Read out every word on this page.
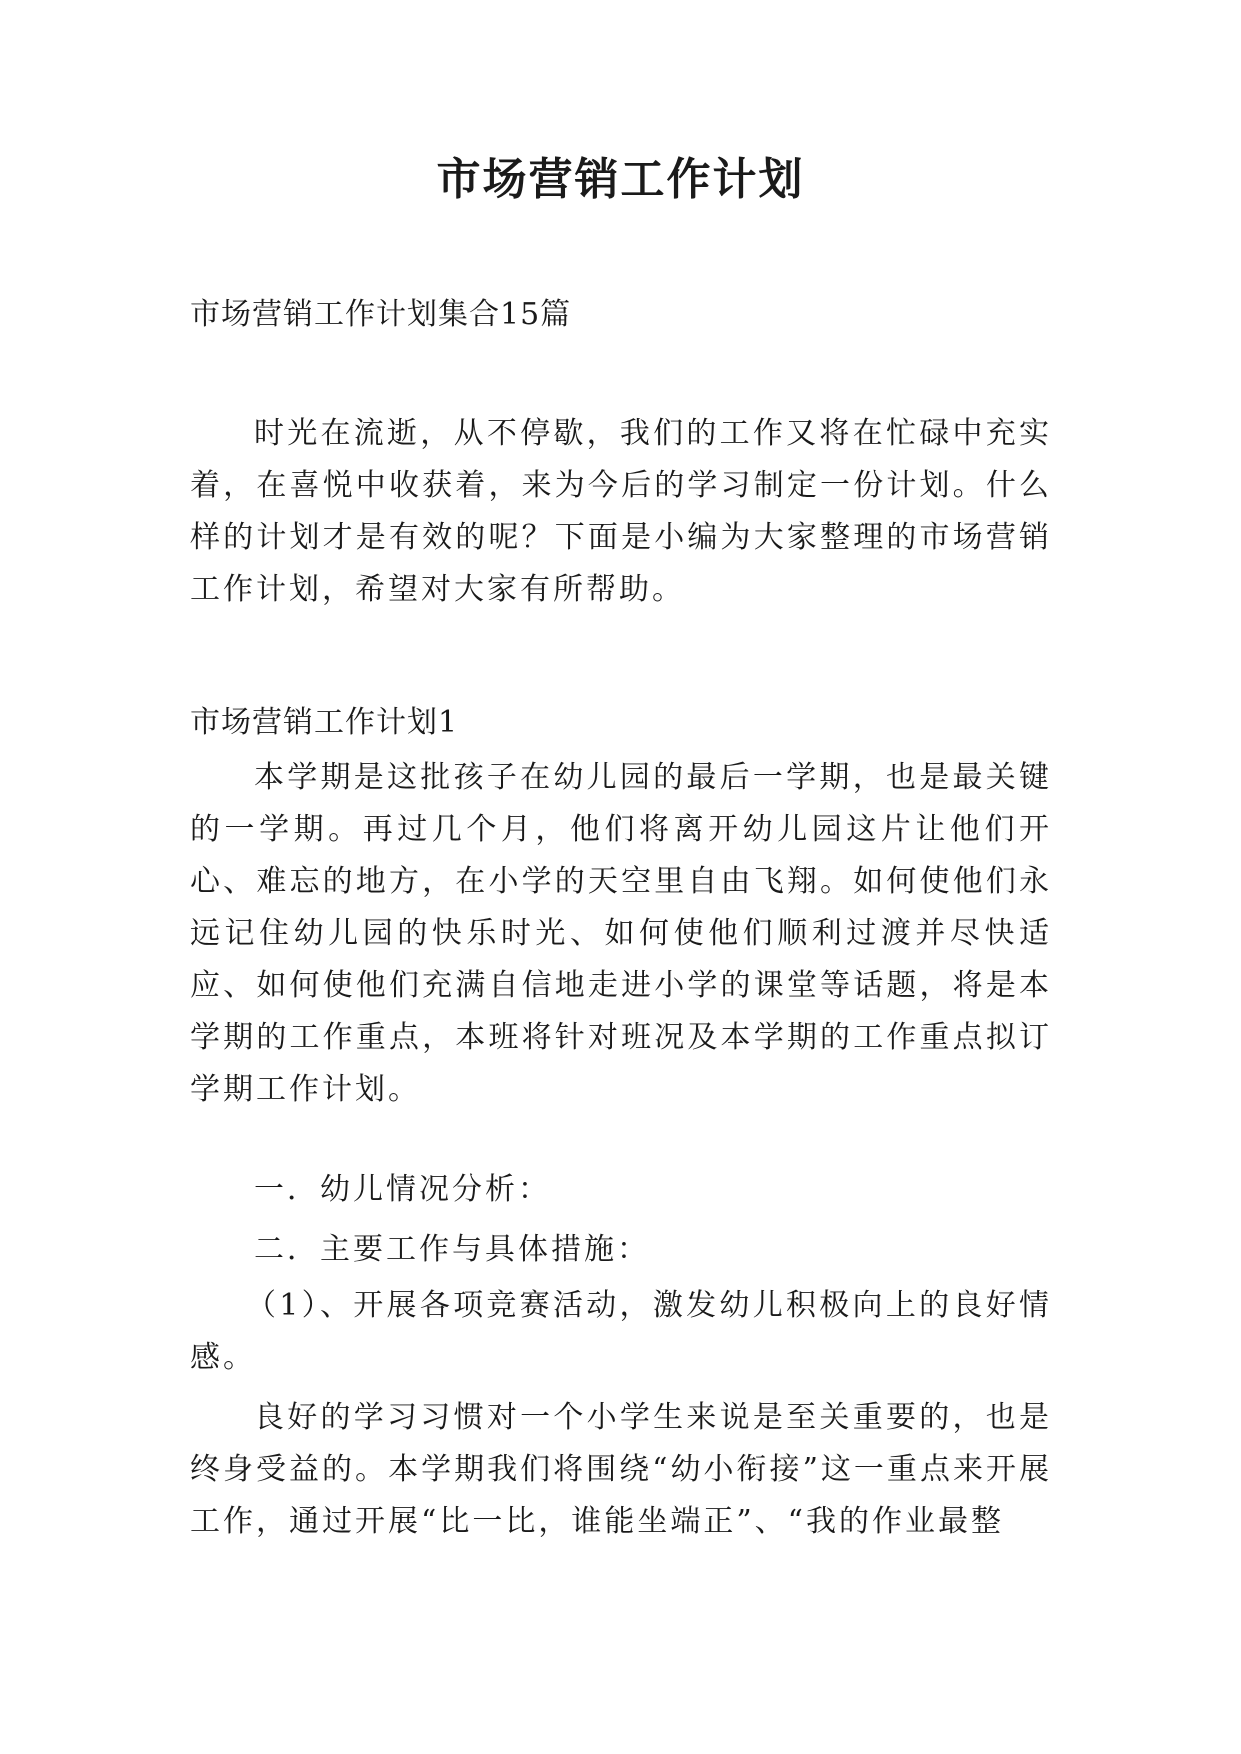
市场营销工作计划

市场营销工作计划集合15篇

时光在流逝，从不停歇，我们的工作又将在忙碌中充实着，在喜悦中收获着，来为今后的学习制定一份计划。什么样的计划才是有效的呢？下面是小编为大家整理的市场营销工作计划，希望对大家有所帮助。

市场营销工作计划1

本学期是这批孩子在幼儿园的最后一学期，也是最关键的一学期。再过几个月，他们将离开幼儿园这片让他们开心、难忘的地方，在小学的天空里自由飞翔。如何使他们永远记住幼儿园的快乐时光、如何使他们顺利过渡并尽快适应、如何使他们充满自信地走进小学的课堂等话题，将是本学期的工作重点，本班将针对班况及本学期的工作重点拟订学期工作计划。

一．幼儿情况分析：

二．主要工作与具体措施：

（1）、开展各项竞赛活动，激发幼儿积极向上的良好情感。

良好的学习习惯对一个小学生来说是至关重要的，也是终身受益的。本学期我们将围绕“幼小衔接”这一重点来开展工作，通过开展“比一比，谁能坐端正”、“我的作业最整
